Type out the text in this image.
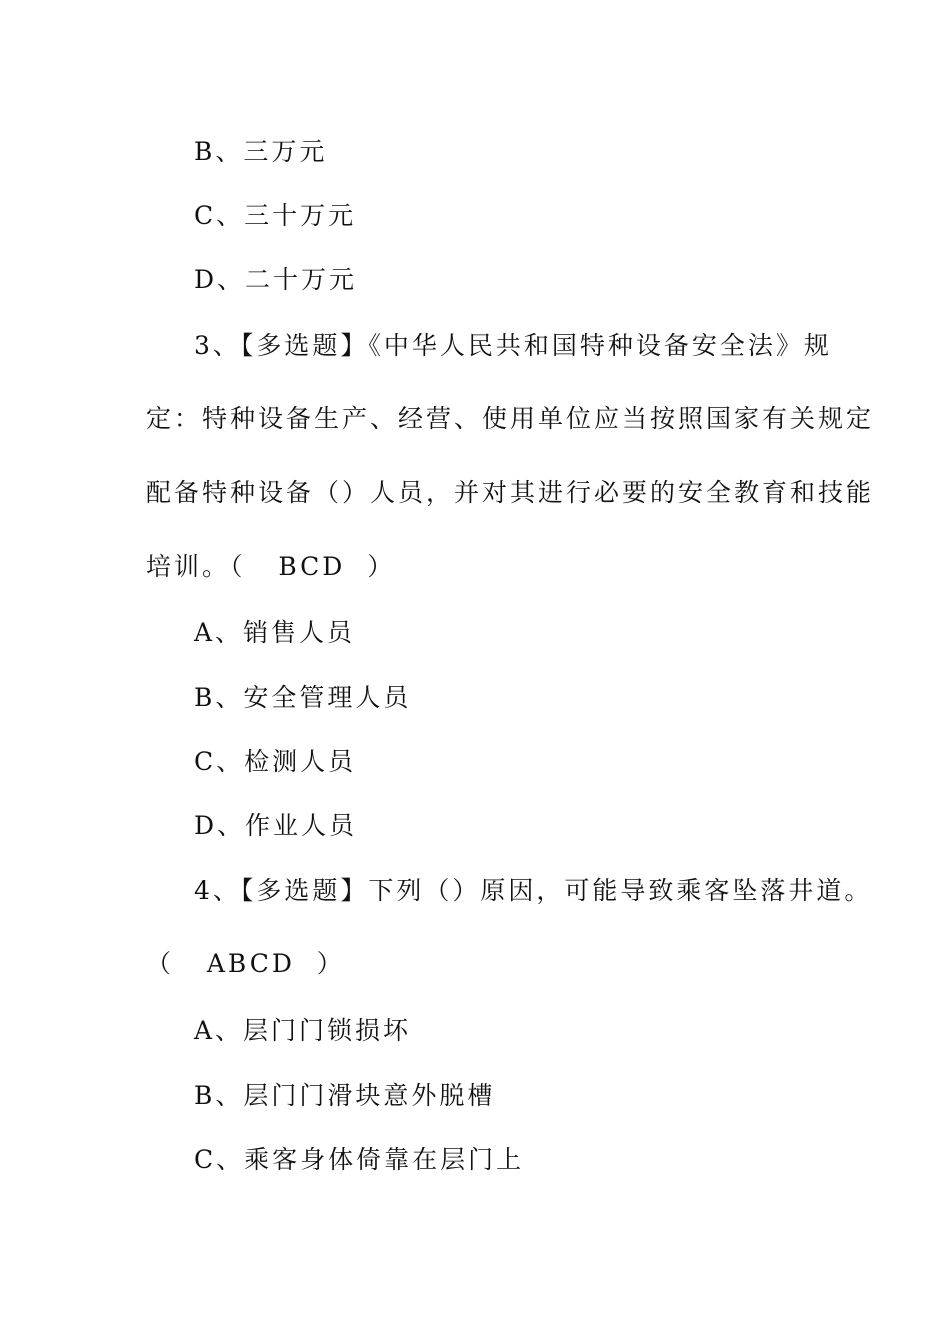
B、三万元
C、三十万元
D、二十万元
3、【多选题】《中华人民共和国特种设备安全法》规
定：特种设备生产、经营、使用单位应当按照国家有关规定
配备特种设备（）人员，并对其进行必要的安全教育和技能
培训。（   BCD  ）
A、销售人员
B、安全管理人员
C、检测人员
D、作业人员
4、【多选题】下列（）原因，可能导致乘客坠落井道。
（   ABCD  ）
A、层门门锁损坏
B、层门门滑块意外脱槽
C、乘客身体倚靠在层门上
